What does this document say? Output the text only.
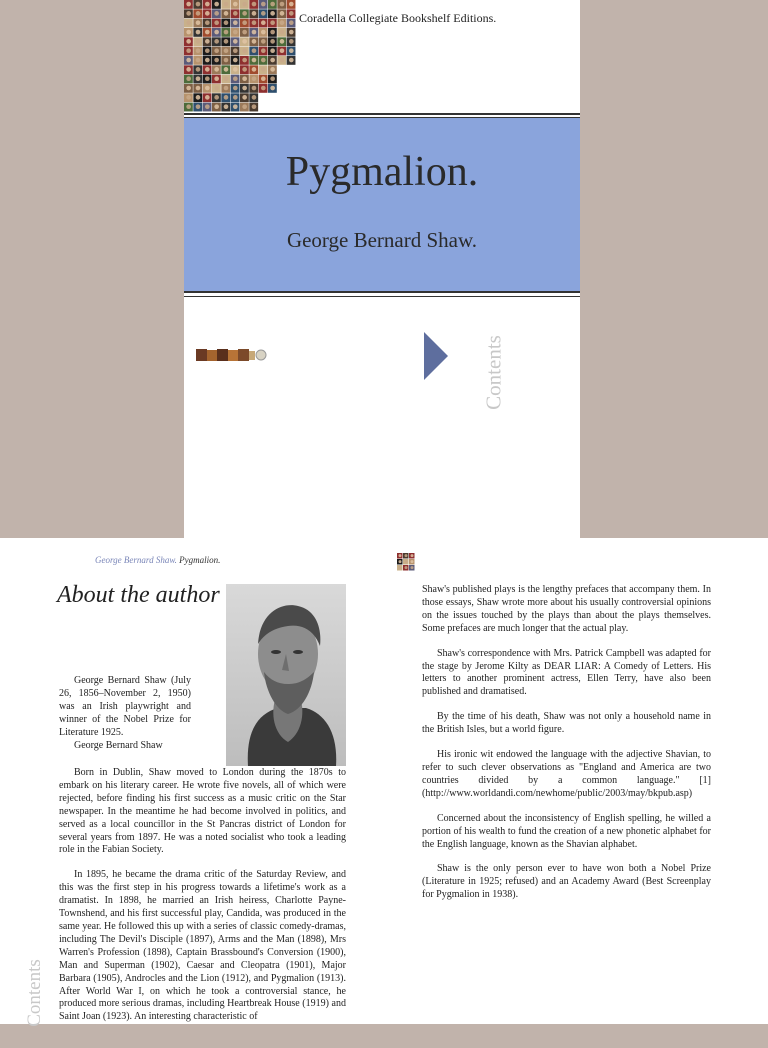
Coradella Collegiate Bookshelf Editions.
Pygmalion.
George Bernard Shaw.
Contents
George Bernard Shaw. Pygmalion.
About the author

George Bernard Shaw (July 26, 1856–November 2, 1950) was an Irish playwright and winner of the Nobel Prize for Literature 1925.

George Bernard Shaw

Born in Dublin, Shaw moved to London during the 1870s to embark on his literary career. He wrote five novels, all of which were rejected, before finding his first success as a music critic on the Star newspaper. In the meantime he had become involved in politics, and served as a local councillor in the St Pancras district of London for several years from 1897. He was a noted socialist who took a leading role in the Fabian Society.

In 1895, he became the drama critic of the Saturday Review, and this was the first step in his progress towards a lifetime's work as a dramatist. In 1898, he married an Irish heiress, Charlotte Payne-Townshend, and his first successful play, Candida, was produced in the same year. He followed this up with a series of classic comedy-dramas, including The Devil's Disciple (1897), Arms and the Man (1898), Mrs Warren's Profession (1898), Captain Brassbound's Conversion (1900), Man and Superman (1902), Caesar and Cleopatra (1901), Major Barbara (1905), Androcles and the Lion (1912), and Pygmalion (1913). After World War I, on which he took a controversial stance, he produced more serious dramas, including Heartbreak House (1919) and Saint Joan (1923). An interesting characteristic of

Shaw's published plays is the lengthy prefaces that accompany them. In those essays, Shaw wrote more about his usually controversial opinions on the issues touched by the plays than about the plays themselves. Some prefaces are much longer that the actual play.

Shaw's correspondence with Mrs. Patrick Campbell was adapted for the stage by Jerome Kilty as DEAR LIAR: A Comedy of Letters. His letters to another prominent actress, Ellen Terry, have also been published and dramatised.

By the time of his death, Shaw was not only a household name in the British Isles, but a world figure.

His ironic wit endowed the language with the adjective Shavian, to refer to such clever observations as "England and America are two countries divided by a common language." [1] (http://www.worldandi.com/newhome/public/2003/may/bkpub.asp)

Concerned about the inconsistency of English spelling, he willed a portion of his wealth to fund the creation of a new phonetic alphabet for the English language, known as the Shavian alphabet.

Shaw is the only person ever to have won both a Nobel Prize (Literature in 1925; refused) and an Academy Award (Best Screenplay for Pygmalion in 1938).

Contents
